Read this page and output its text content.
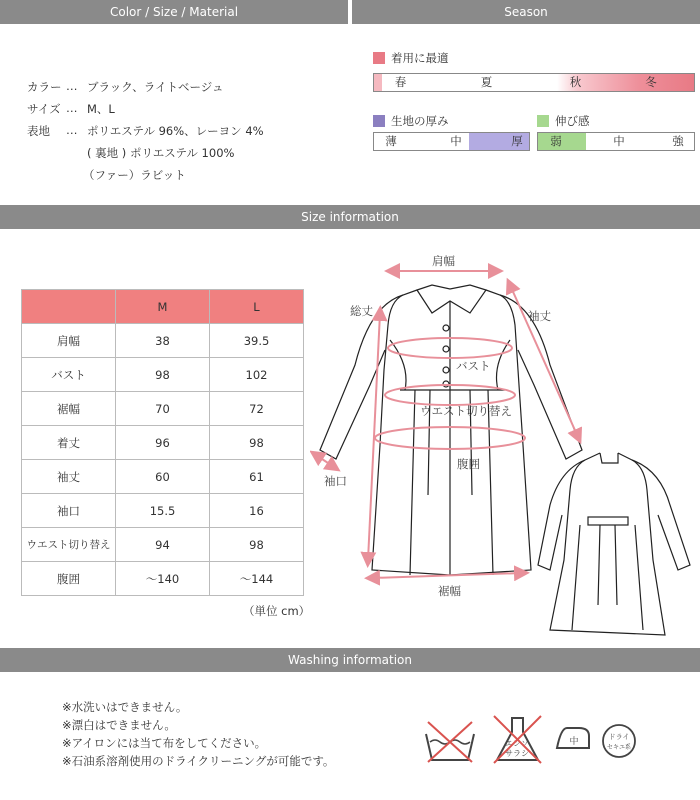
Color / Size / Material	Season
Size information
Washing information
カラー … ブラック、ライトベージュ
サイズ … M、L
表地 … ポリエステル 96%、レーヨン 4%
( 裏地 ) ポリエステル 100%
（ファー）ラビット
着用に最適
春	夏	秋	冬
生地の厚み
薄	中	厚
伸び感
弱	中	強
	M	L
肩幅	38	39.5
バスト	98	102
裾幅	70	72
着丈	96	98
袖丈	60	61
袖口	15.5	16
ウエスト切り替え	94	98
腹囲	～140	～144
（単位 cm）
肩幅
総丈	袖丈
バスト
ウエスト切り替え
腹囲
袖口
裾幅
※水洗いはできません。
※漂白はできません。
※アイロンには当て布をしてください。
※石油系溶剤使用のドライクリーニングが可能です。
エンソ
サラシ
中	ドライ
セキユ系
